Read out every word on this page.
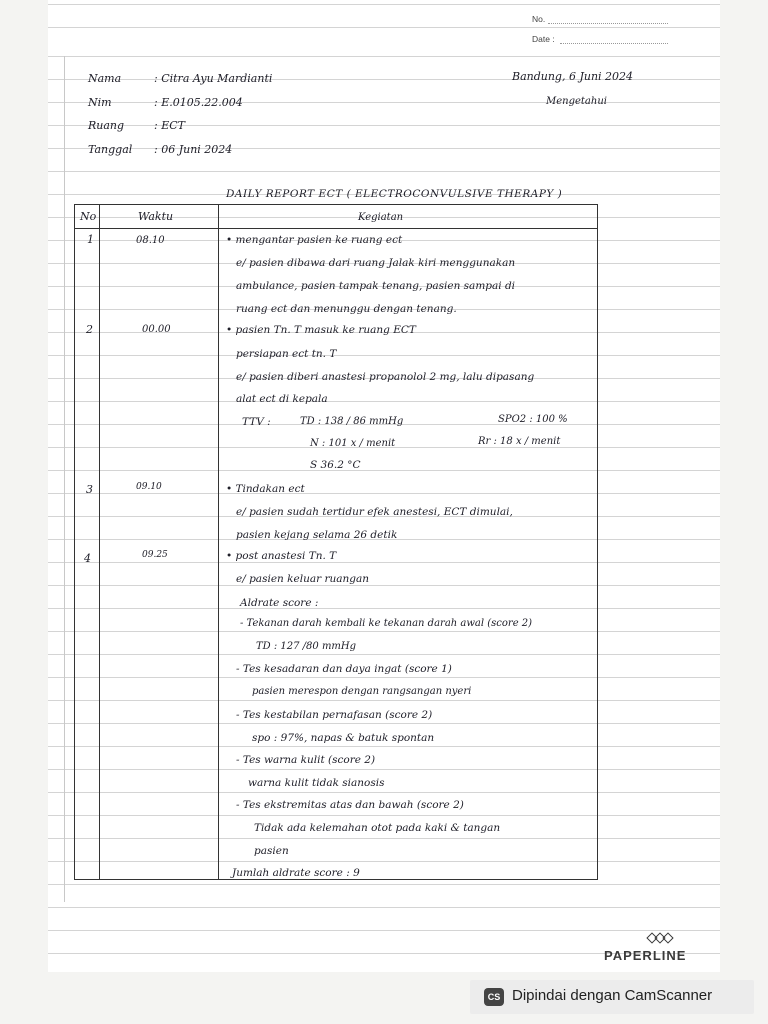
No.
Date :
Nama	: Citra Ayu Mardianti
Nim	: E.0105.22.004
Ruang	: ECT
Tanggal : 06 Juni 2024
Bandung, 6 Juni 2024
Mengetahui
DAILY REPORT ECT ( ELECTROCONVULSIVE THERAPY )
No	Waktu	Kegiatan
1	08.10	• mengantar pasien ke ruang ect
e/ pasien dibawa dari ruang Jalak kiri menggunakan
ambulance, pasien tampak tenang, pasien sampai di
ruang ect dan menunggu dengan tenang.
2	00.00	• pasien Tn. T masuk ke ruang ECT
persiapan ect tn. T
e/ pasien diberi anastesi propanolol 2 mg, lalu dipasang
alat ect di kepala
TTV :	TD : 138 / 86 mmHg	SPO2 : 100 %
N : 101 x / menit	Rr : 18 x / menit
S 36.2 °C
3	09.10	• Tindakan ect
e/ pasien sudah tertidur efek anestesi, ECT dimulai,
pasien kejang selama 26 detik
4	09.25	• post anastesi Tn. T
e/ pasien keluar ruangan
Aldrate score :
- Tekanan darah kembali ke tekanan darah awal (score 2)
TD : 127 /80 mmHg
- Tes kesadaran dan daya ingat (score 1)
pasien merespon dengan rangsangan nyeri
- Tes kestabilan pernafasan (score 2)
spo : 97%, napas & batuk spontan
- Tes warna kulit (score 2)
warna kulit tidak sianosis
- Tes ekstremitas atas dan bawah (score 2)
Tidak ada kelemahan otot pada kaki & tangan
pasien
Jumlah aldrate score : 9
PAPERLINE
CS Dipindai dengan CamScanner
